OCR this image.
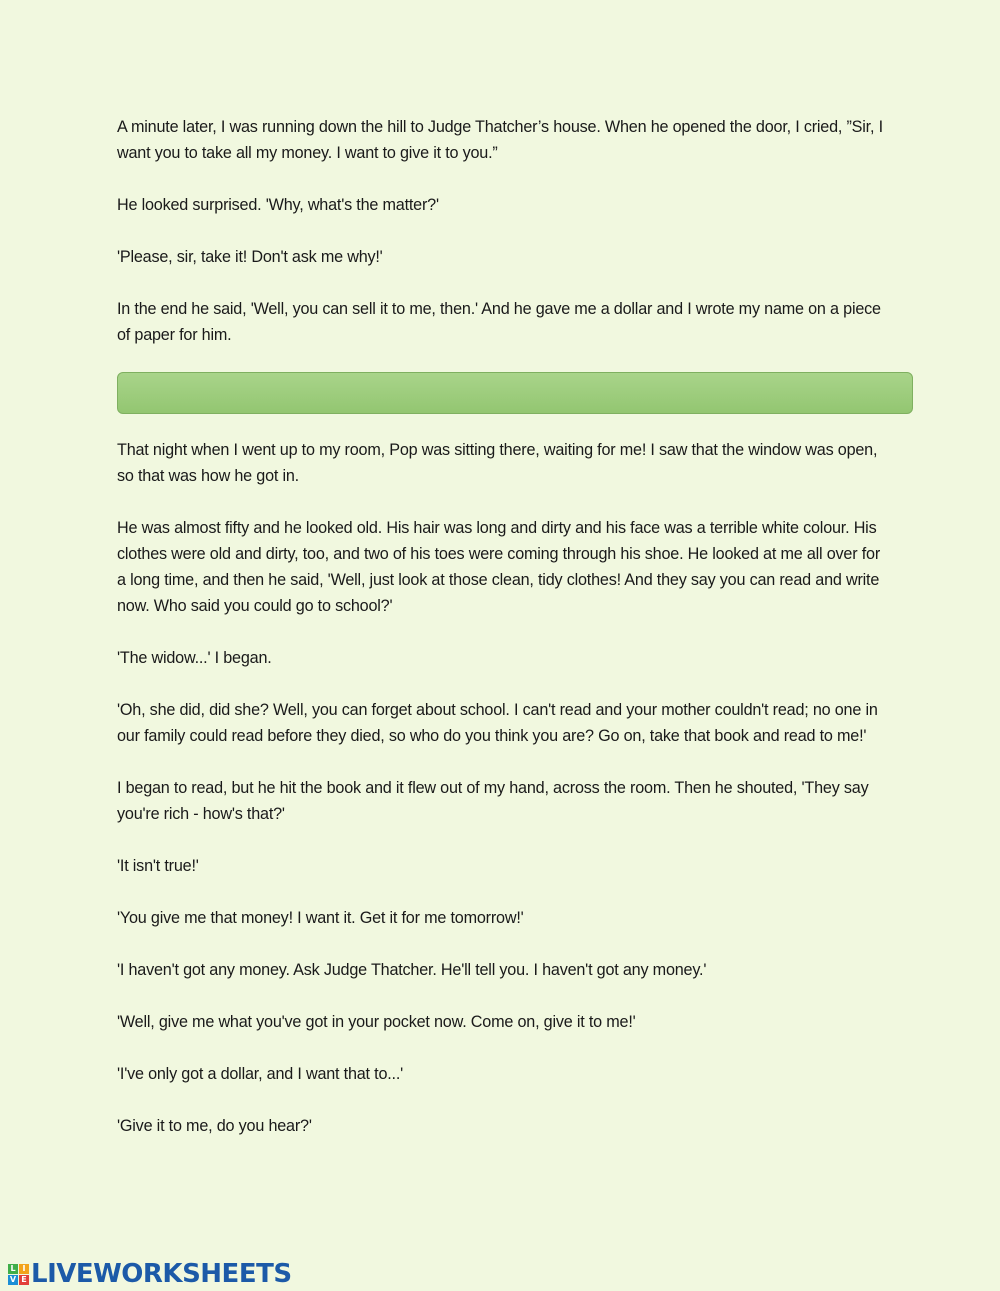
A minute later, I was running down the hill to Judge Thatcher’s house. When he opened the door, I cried, ”Sir, I want you to take all my money. I want to give it to you.”

He looked surprised. 'Why, what's the matter?'

'Please, sir, take it! Don't ask me why!'

In the end he said, 'Well, you can sell it to me, then.' And he gave me a dollar and I wrote my name on a piece of paper for him.

That night when I went up to my room, Pop was sitting there, waiting for me! I saw that the window was open, so that was how he got in.

He was almost fifty and he looked old. His hair was long and dirty and his face was a terrible white colour. His clothes were old and dirty, too, and two of his toes were coming through his shoe. He looked at me all over for a long time, and then he said, 'Well, just look at those clean, tidy clothes! And they say you can read and write now. Who said you could go to school?'

'The widow...' I began.

'Oh, she did, did she? Well, you can forget about school. I can't read and your mother couldn't read; no one in our family could read before they died, so who do you think you are? Go on, take that book and read to me!'

I began to read, but he hit the book and it flew out of my hand, across the room. Then he shouted, 'They say you're rich - how's that?'

'It isn't true!'

'You give me that money! I want it. Get it for me tomorrow!'

'I haven't got any money. Ask Judge Thatcher. He'll tell you. I haven't got any money.'

'Well, give me what you've got in your pocket now. Come on, give it to me!'

'I've only got a dollar, and I want that to...'

'Give it to me, do you hear?'

L I
V E LIVEWORKSHEETS
